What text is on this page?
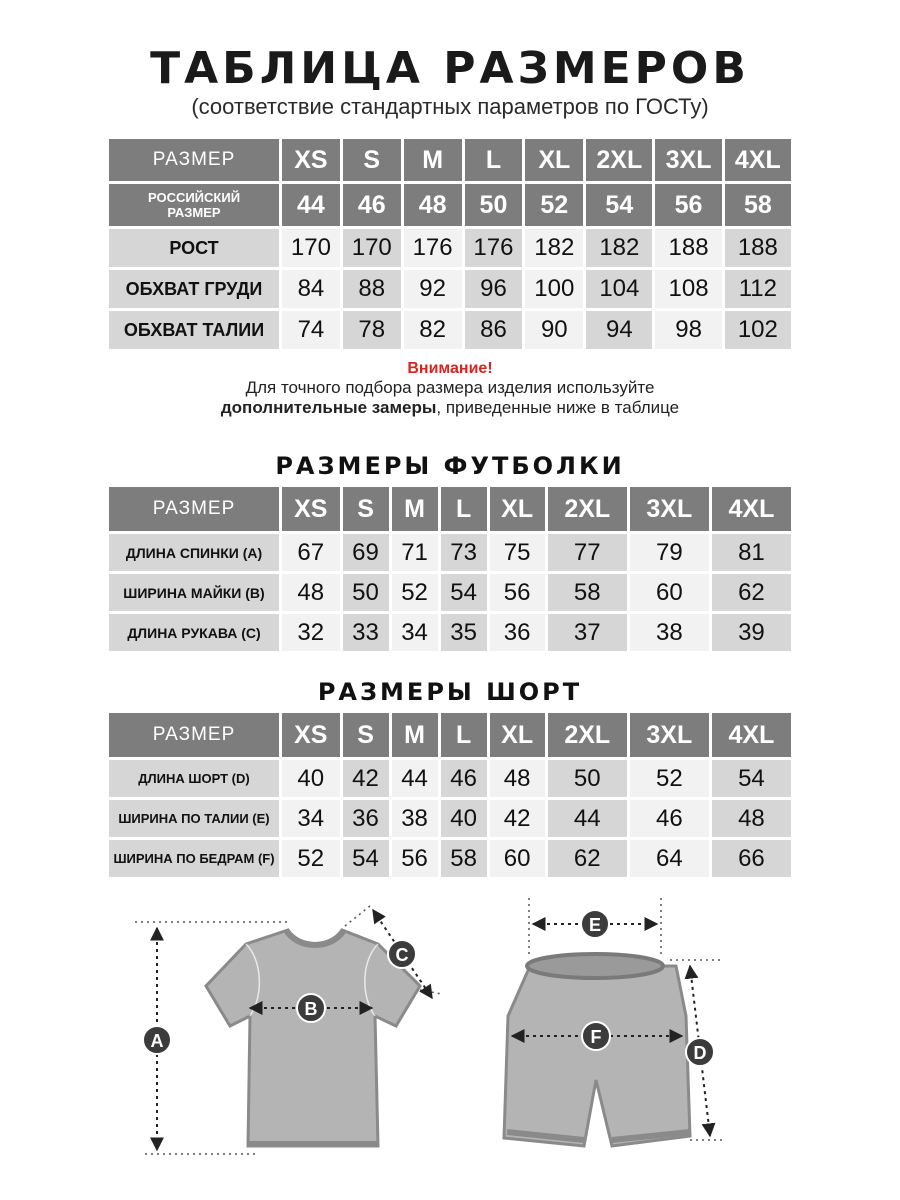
ТАБЛИЦА РАЗМЕРОВ
(соответствие стандартных параметров по ГОСТу)
РАЗМЕР	XS	S	M	L	XL	2XL	3XL	4XL
РОССИЙСКИЙ
РАЗМЕР	44	46	48	50	52	54	56	58
РОСТ	170	170	176	176	182	182	188	188
ОБХВАТ ГРУДИ	84	88	92	96	100	104	108	112
ОБХВАТ ТАЛИИ	74	78	82	86	90	94	98	102
Внимание!
Для точного подбора размера изделия используйте
дополнительные замеры, приведенные ниже в таблице
РАЗМЕРЫ ФУТБОЛКИ
РАЗМЕР	XS	S	M	L	XL	2XL	3XL	4XL
ДЛИНА СПИНКИ (A)	67	69	71	73	75	77	79	81
ШИРИНА МАЙКИ (B)	48	50	52	54	56	58	60	62
ДЛИНА РУКАВА (C)	32	33	34	35	36	37	38	39
РАЗМЕРЫ ШОРТ
РАЗМЕР	XS	S	M	L	XL	2XL	3XL	4XL
ДЛИНА ШОРТ (D)	40	42	44	46	48	50	52	54
ШИРИНА ПО ТАЛИИ (E)	34	36	38	40	42	44	46	48
ШИРИНА ПО БЕДРАМ (F)	52	54	56	58	60	62	64	66
A
B
C
E
F
D
